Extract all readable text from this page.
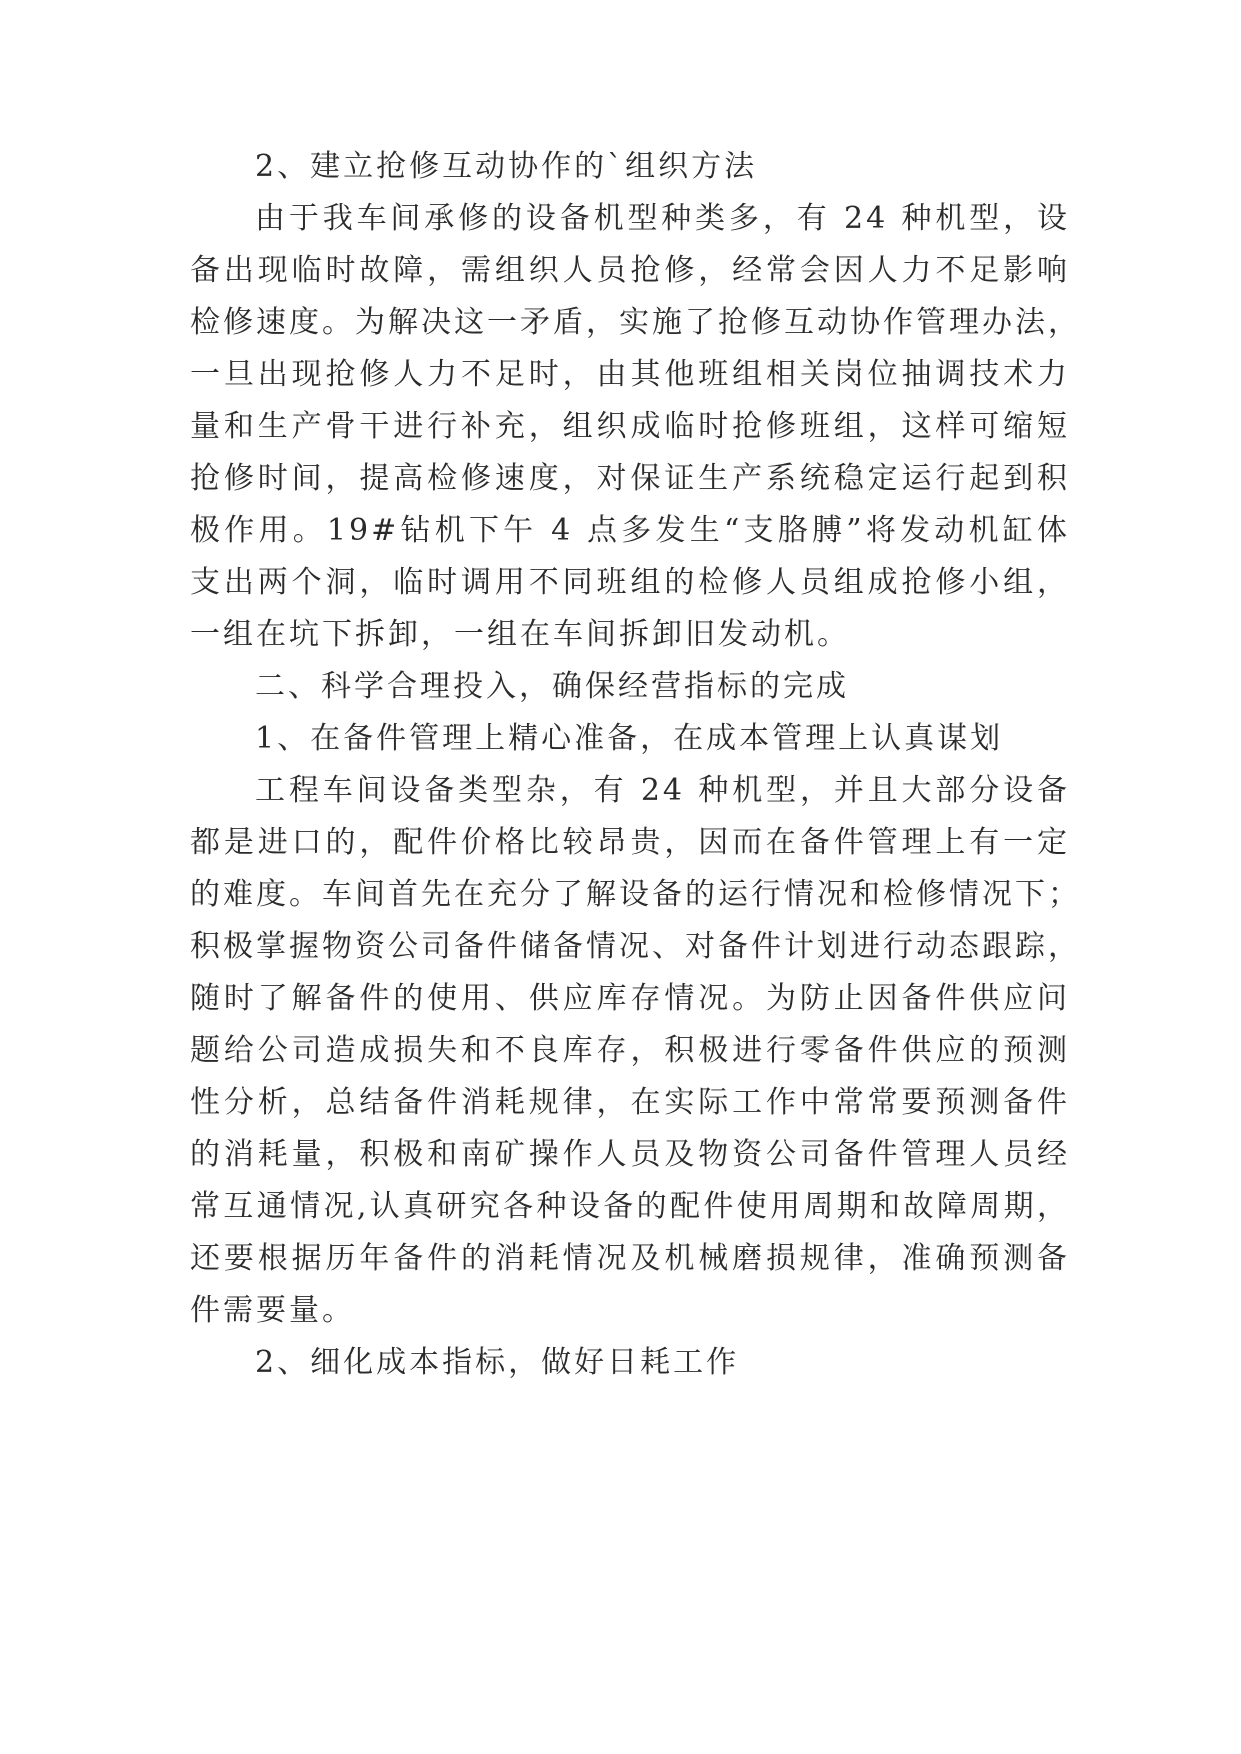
2、建立抢修互动协作的`组织方法
由于我车间承修的设备机型种类多，有 24 种机型，设
备出现临时故障，需组织人员抢修，经常会因人力不足影响
检修速度。为解决这一矛盾，实施了抢修互动协作管理办法，
一旦出现抢修人力不足时，由其他班组相关岗位抽调技术力
量和生产骨干进行补充，组织成临时抢修班组，这样可缩短
抢修时间，提高检修速度，对保证生产系统稳定运行起到积
极作用。19#钻机下午 4 点多发生“支胳膊”将发动机缸体
支出两个洞，临时调用不同班组的检修人员组成抢修小组，
一组在坑下拆卸，一组在车间拆卸旧发动机。
二、科学合理投入，确保经营指标的完成
1、在备件管理上精心准备，在成本管理上认真谋划
工程车间设备类型杂，有 24 种机型，并且大部分设备
都是进口的，配件价格比较昂贵，因而在备件管理上有一定
的难度。车间首先在充分了解设备的运行情况和检修情况下；
积极掌握物资公司备件储备情况、对备件计划进行动态跟踪，
随时了解备件的使用、供应库存情况。为防止因备件供应问
题给公司造成损失和不良库存，积极进行零备件供应的预测
性分析，总结备件消耗规律，在实际工作中常常要预测备件
的消耗量，积极和南矿操作人员及物资公司备件管理人员经
常互通情况,认真研究各种设备的配件使用周期和故障周期，
还要根据历年备件的消耗情况及机械磨损规律，准确预测备
件需要量。
2、细化成本指标，做好日耗工作
